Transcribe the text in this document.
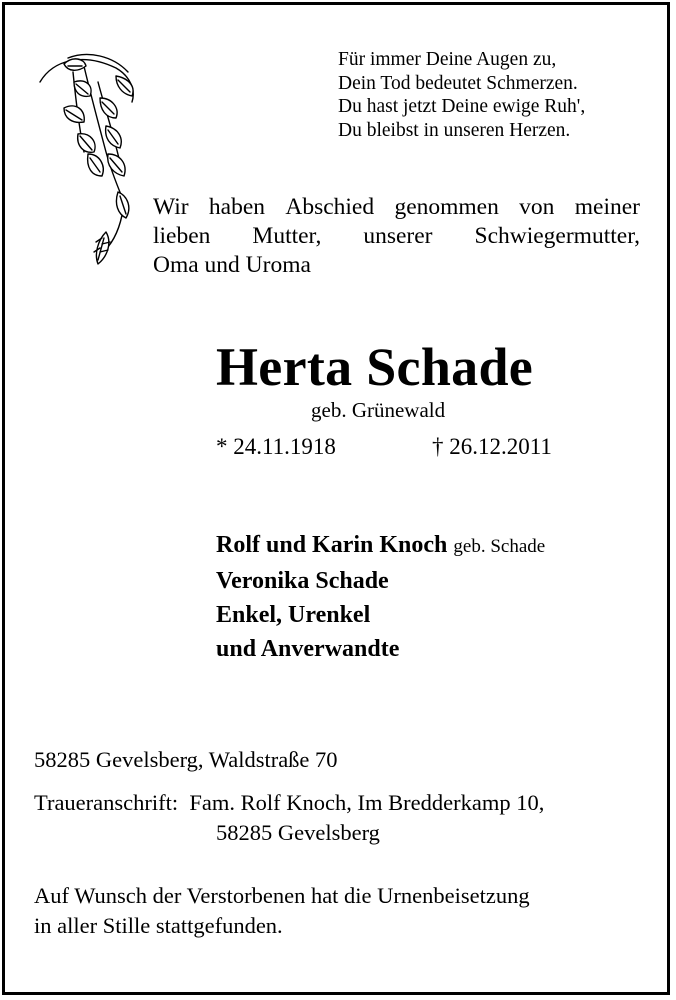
Für immer Deine Augen zu,
Dein Tod bedeutet Schmerzen.
Du hast jetzt Deine ewige Ruh',
Du bleibst in unseren Herzen.
Wir haben Abschied genommen von meiner
lieben Mutter, unserer Schwiegermutter,
Oma und Uroma
Herta Schade
geb. Grünewald
* 24.11.1918	† 26.12.2011
Rolf und Karin Knoch geb. Schade
Veronika Schade
Enkel, Urenkel
und Anverwandte
58285 Gevelsberg, Waldstraße 70
Traueranschrift: Fam. Rolf Knoch, Im Bredderkamp 10,
58285 Gevelsberg
Auf Wunsch der Verstorbenen hat die Urnenbeisetzung
in aller Stille stattgefunden.
